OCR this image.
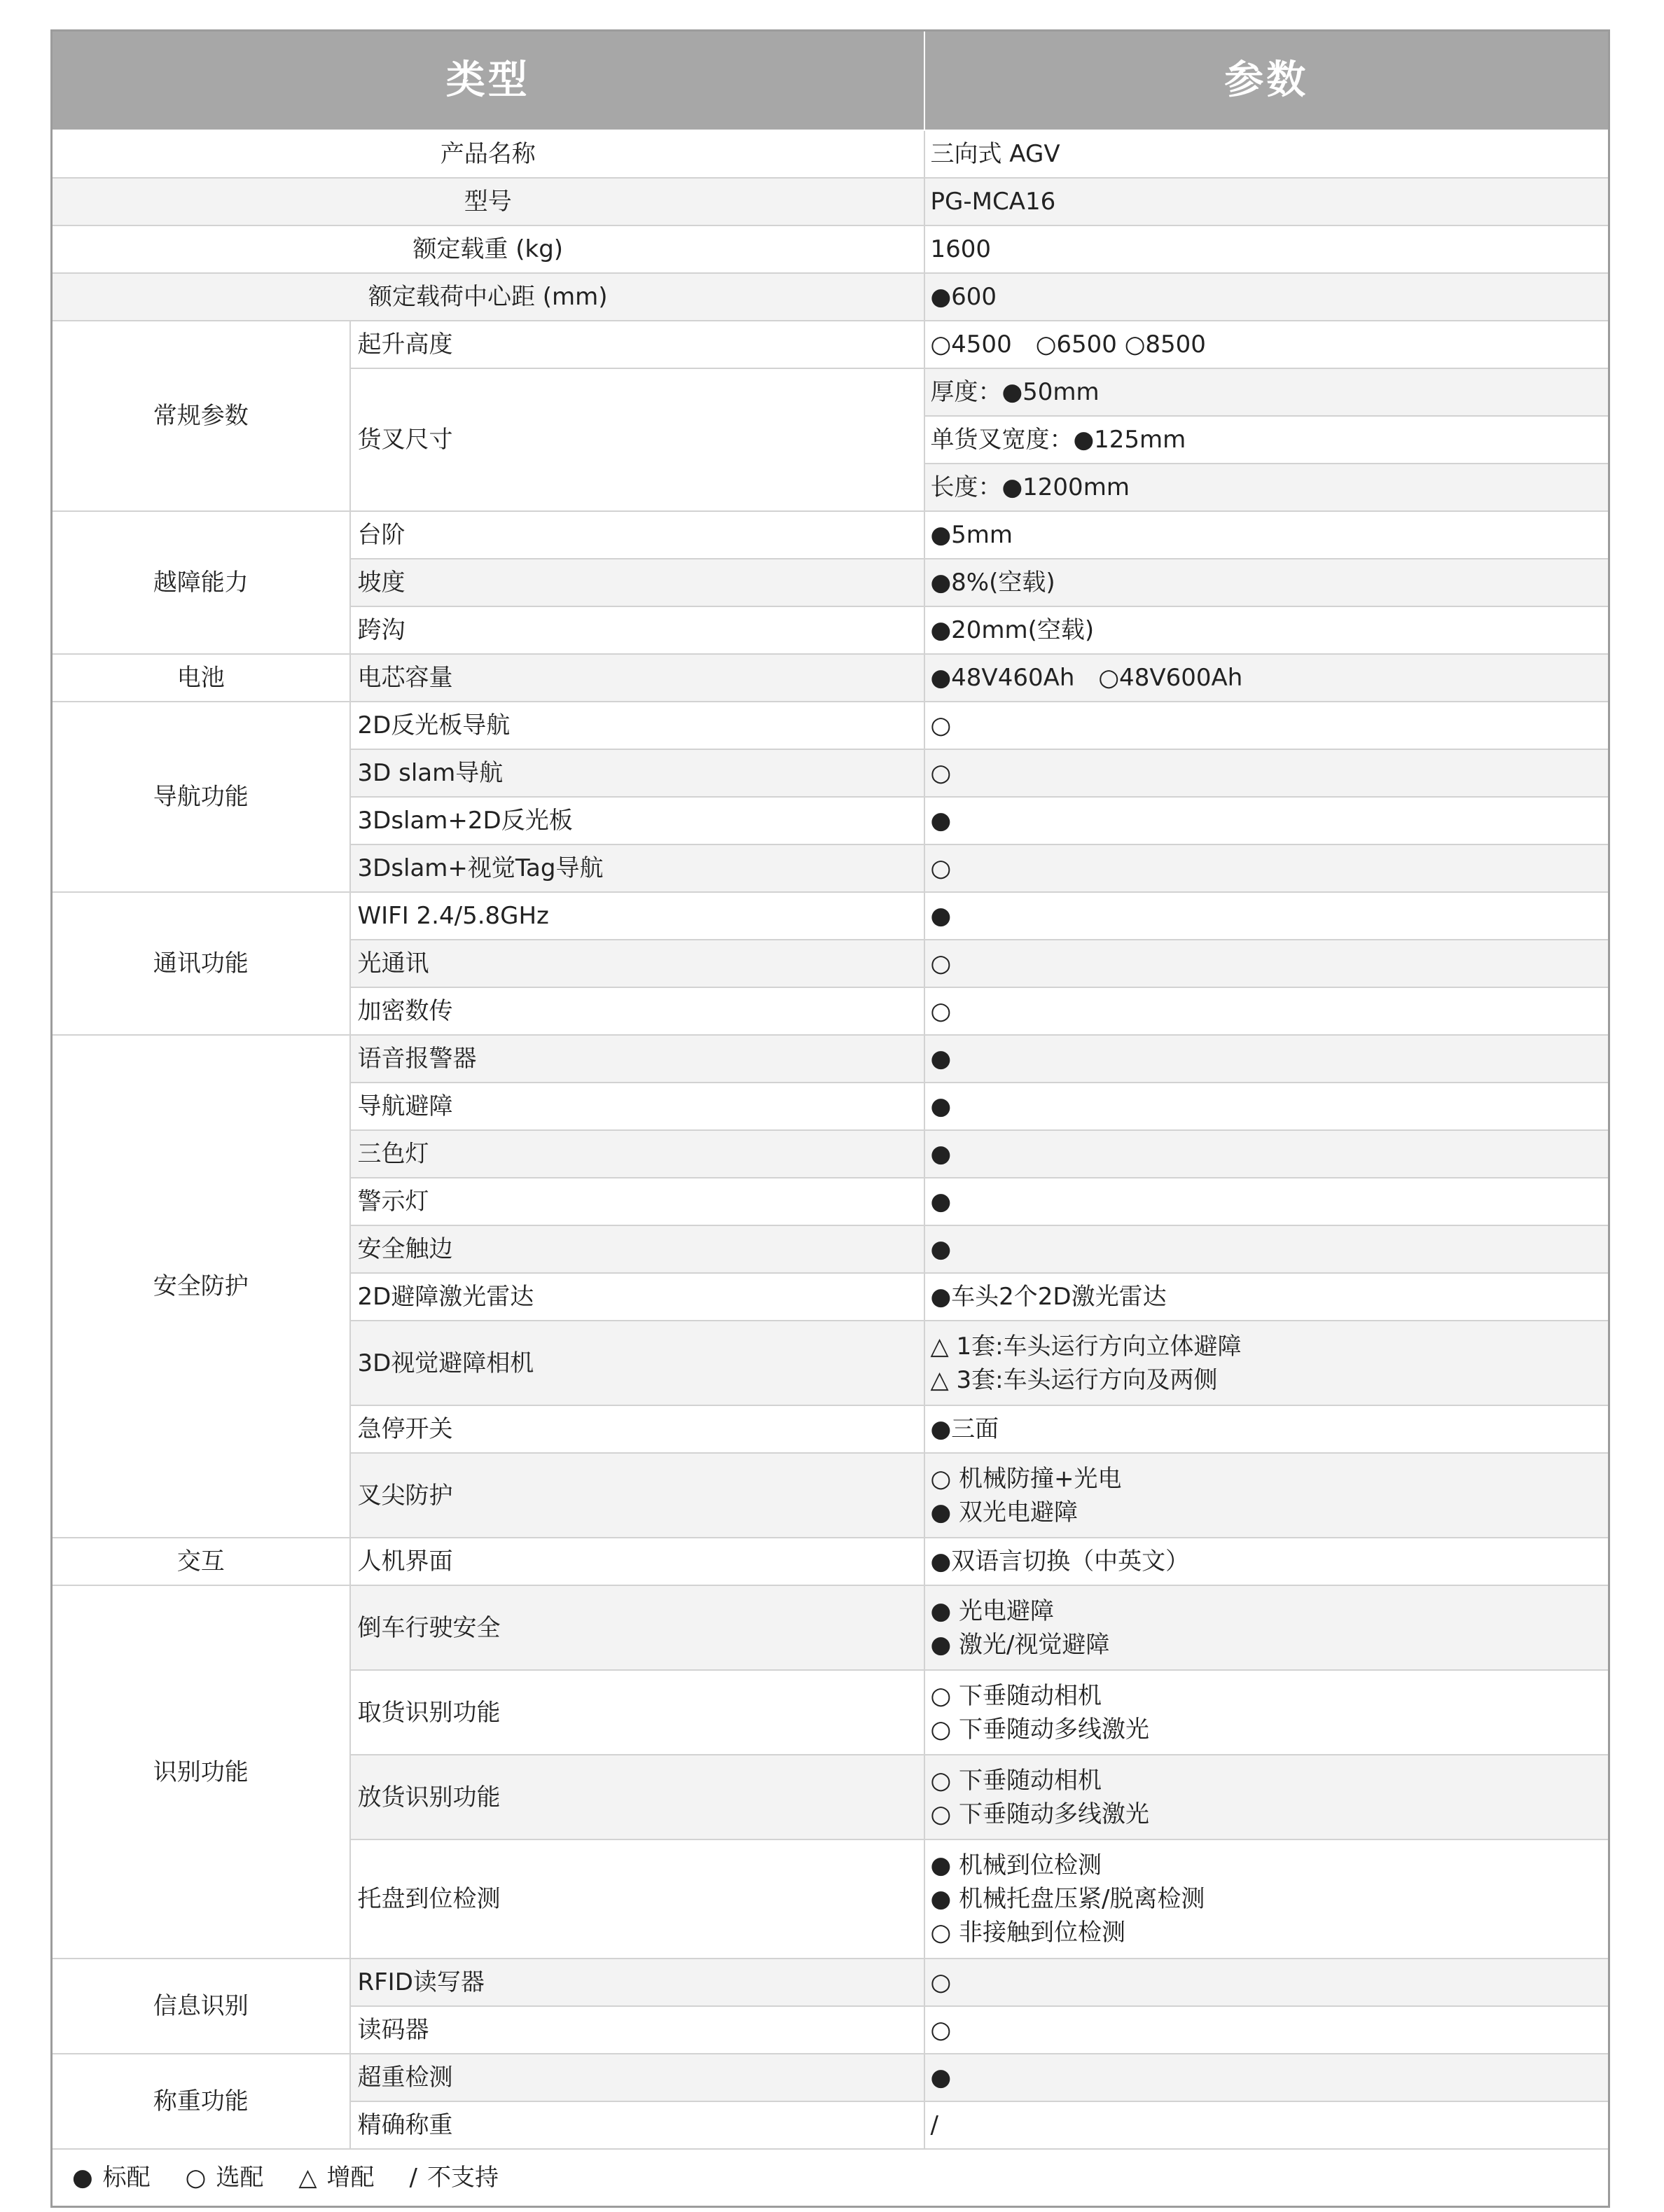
类型		参数
产品名称		三向式 AGV
型号		PG-MCA16
额定载重 (kg)		1600
额定载荷中心距 (mm)		●600
常规参数	起升高度	○4500　○6500 ○8500

	货叉尺寸	厚度：●50mm

		单货叉宽度：●125mm

		长度：●1200mm

越障能力	台阶	●5mm

	坡度	●8%(空载)

	跨沟	●20mm(空载)

电池	电芯容量	●48V460Ah　○48V600Ah

导航功能	2D反光板导航	○

	3D slam导航	○

	3Dslam+2D反光板	●

	3Dslam+视觉Tag导航	○

通讯功能	WIFI 2.4/5.8GHz	●

	光通讯	○

	加密数传	○

安全防护	语音报警器	●

	导航避障	●

	三色灯	●

	警示灯	●

	安全触边	●

	2D避障激光雷达	●车头2个2D激光雷达

	3D视觉避障相机	△ 1套:车头运行方向立体避障
△ 3套:车头运行方向及两侧

	急停开关	●三面

	叉尖防护	○ 机械防撞+光电
● 双光电避障

交互	人机界面	●双语言切换（中英文）

识别功能	倒车行驶安全	● 光电避障
● 激光/视觉避障

	取货识别功能	○ 下垂随动相机
○ 下垂随动多线激光

	放货识别功能	○ 下垂随动相机
○ 下垂随动多线激光

	托盘到位检测	● 机械到位检测
● 机械托盘压紧/脱离检测
○ 非接触到位检测

信息识别	RFID读写器	○

	读码器	○

称重功能	超重检测	●

	精确称重	/

● 标配 ○ 选配 △ 增配 / 不支持		
